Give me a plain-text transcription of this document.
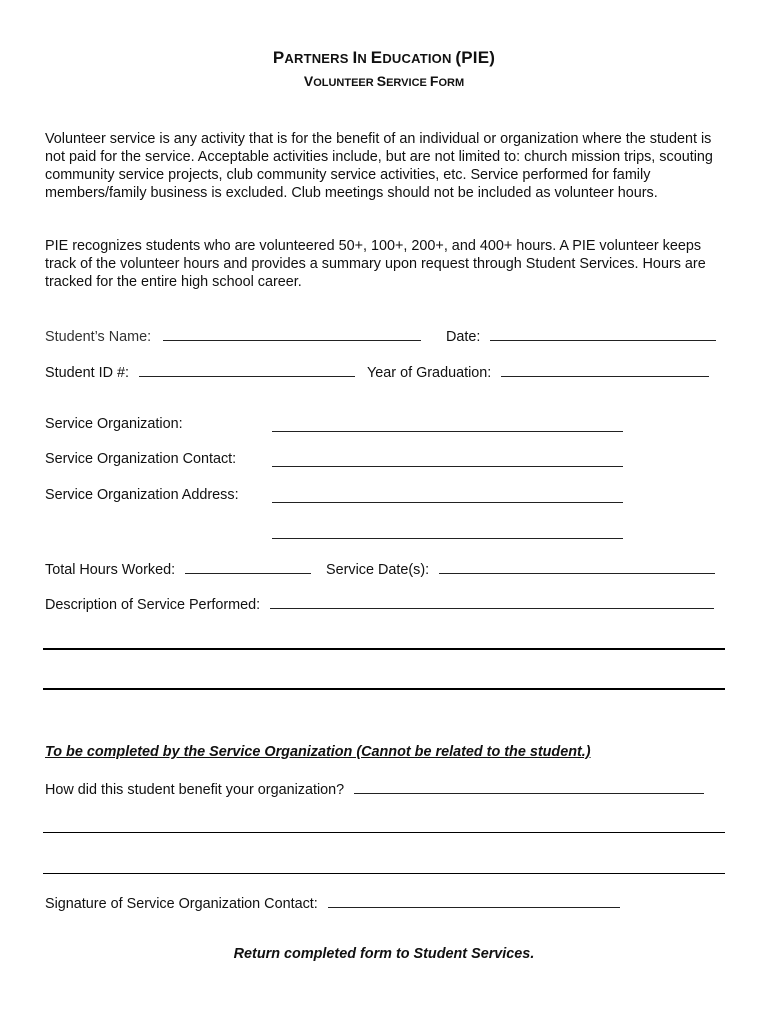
PARTNERS IN EDUCATION (PIE)
VOLUNTEER SERVICE FORM
Volunteer service is any activity that is for the benefit of an individual or organization where the student is not paid for the service. Acceptable activities include, but are not limited to: church mission trips, scouting community service projects, club community service activities, etc. Service performed for family members/family business is excluded. Club meetings should not be included as volunteer hours.
PIE recognizes students who are volunteered 50+, 100+, 200+, and 400+ hours. A PIE volunteer keeps track of the volunteer hours and provides a summary upon request through Student Services. Hours are tracked for the entire high school career.
Student’s Name:	Date:
Student ID #:	Year of Graduation:
Service Organization:
Service Organization Contact:
Service Organization Address:
Total Hours Worked:	Service Date(s):
Description of Service Performed:
To be completed by the Service Organization (Cannot be related to the student.)
How did this student benefit your organization?
Signature of Service Organization Contact:
Return completed form to Student Services.
